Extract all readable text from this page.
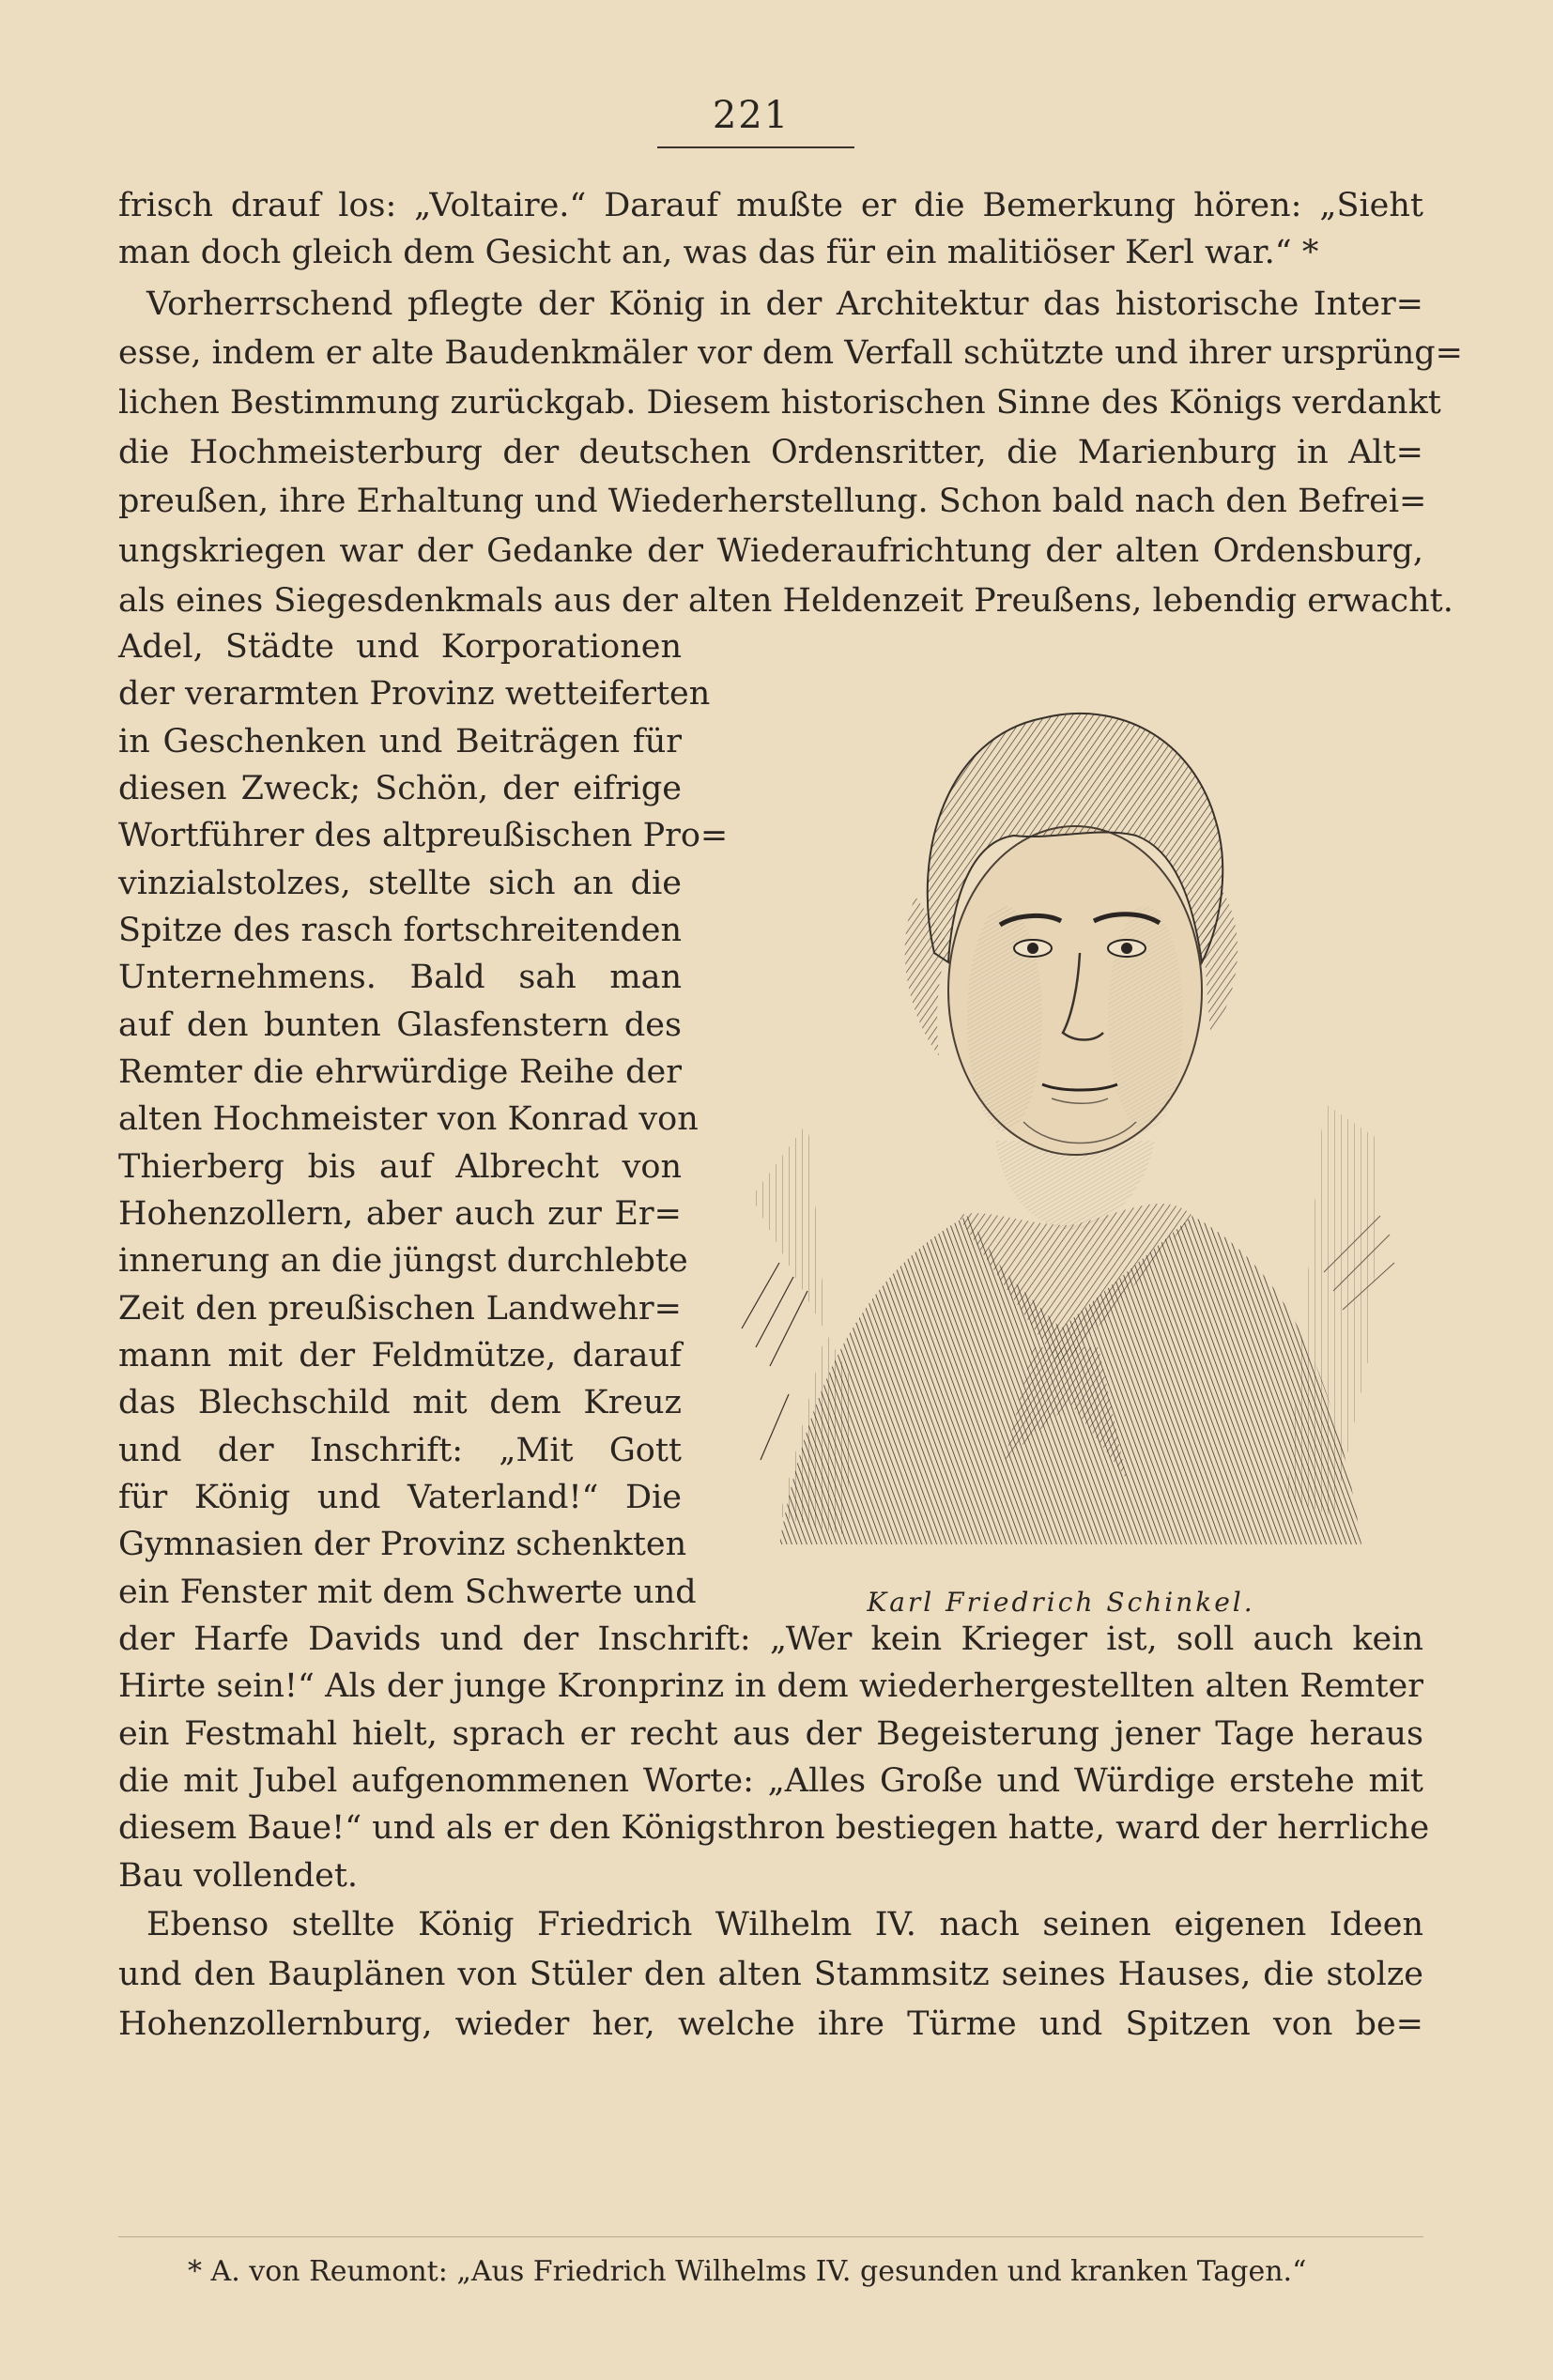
221
frisch drauf los: „Voltaire.“ Darauf mußte er die Bemerkung hören: „Sieht
man doch gleich dem Gesicht an, was das für ein malitiöser Kerl war.“ *
Vorherrschend pflegte der König in der Architektur das historische Inter=
esse, indem er alte Baudenkmäler vor dem Verfall schützte und ihrer ursprüng=
lichen Bestimmung zurückgab. Diesem historischen Sinne des Königs verdankt
die Hochmeisterburg der deutschen Ordensritter, die Marienburg in Alt=
preußen, ihre Erhaltung und Wiederherstellung. Schon bald nach den Befrei=
ungskriegen war der Gedanke der Wiederaufrichtung der alten Ordensburg,
als eines Siegesdenkmals aus der alten Heldenzeit Preußens, lebendig erwacht.
Adel, Städte und Korporationen
der verarmten Provinz wetteiferten
in Geschenken und Beiträgen für
diesen Zweck; Schön, der eifrige
Wortführer des altpreußischen Pro=
vinzialstolzes, stellte sich an die
Spitze des rasch fortschreitenden
Unternehmens. Bald sah man
auf den bunten Glasfenstern des
Remter die ehrwürdige Reihe der
alten Hochmeister von Konrad von
Thierberg bis auf Albrecht von
Hohenzollern, aber auch zur Er=
innerung an die jüngst durchlebte
Zeit den preußischen Landwehr=
mann mit der Feldmütze, darauf
das Blechschild mit dem Kreuz
und der Inschrift: „Mit Gott
für König und Vaterland!“ Die
Gymnasien der Provinz schenkten
ein Fenster mit dem Schwerte und
der Harfe Davids und der Inschrift: „Wer kein Krieger ist, soll auch kein
Hirte sein!“ Als der junge Kronprinz in dem wiederhergestellten alten Remter
ein Festmahl hielt, sprach er recht aus der Begeisterung jener Tage heraus
die mit Jubel aufgenommenen Worte: „Alles Große und Würdige erstehe mit
diesem Baue!“ und als er den Königsthron bestiegen hatte, ward der herrliche
Bau vollendet.
Ebenso stellte König Friedrich Wilhelm IV. nach seinen eigenen Ideen
und den Bauplänen von Stüler den alten Stammsitz seines Hauses, die stolze
Hohenzollernburg, wieder her, welche ihre Türme und Spitzen von be=
Karl Friedrich Schinkel.
* A. von Reumont: „Aus Friedrich Wilhelms IV. gesunden und kranken Tagen.“
